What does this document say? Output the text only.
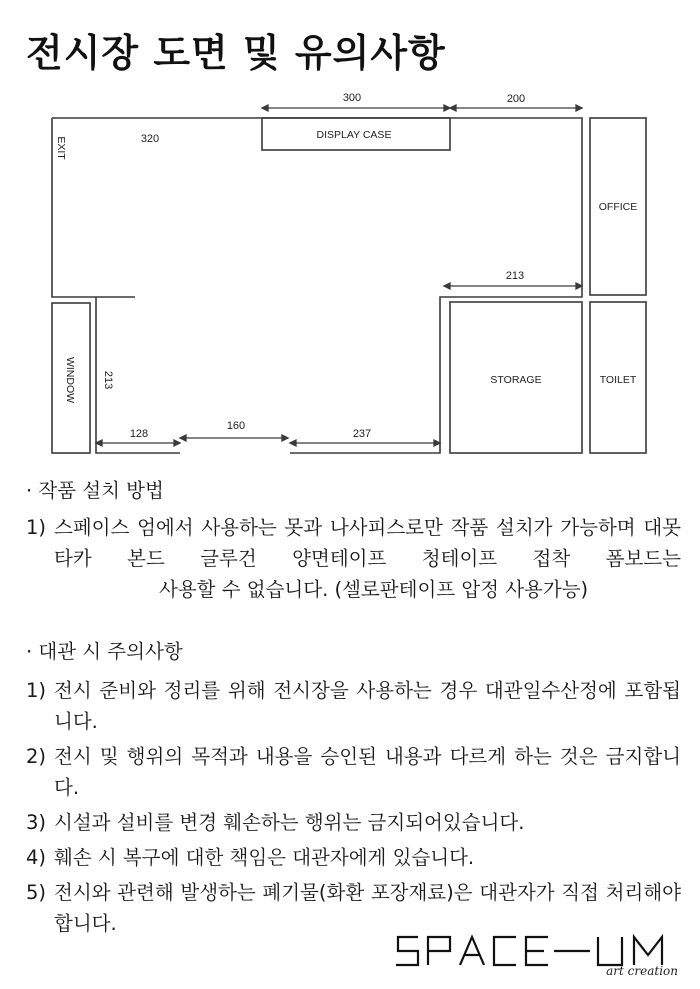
전시장 도면 및 유의사항
300	200
320
213
128
160
237
213
DISPLAY CASE
OFFICE
STORAGE	TOILET
EXIT
WINDOW
· 작품 설치 방법
1) 스페이스 엄에서 사용하는 못과 나사피스로만 작품 설치가 가능하며 대못 타카 본드 글루건 양면테이프 청테이프 접착 폼보드는
사용할 수 없습니다. (셀로판테이프 압정 사용가능)
· 대관 시 주의사항
1) 전시 준비와 정리를 위해 전시장을 사용하는 경우 대관일수산정에 포함됩니다.
2) 전시 및 행위의 목적과 내용을 승인된 내용과 다르게 하는 것은 금지합니다.
3) 시설과 설비를 변경 훼손하는 행위는 금지되어있습니다.
4) 훼손 시 복구에 대한 책임은 대관자에게 있습니다.
5) 전시와 관련해 발생하는 폐기물(화환 포장재료)은 대관자가 직접 처리해야 합니다.
art creation
